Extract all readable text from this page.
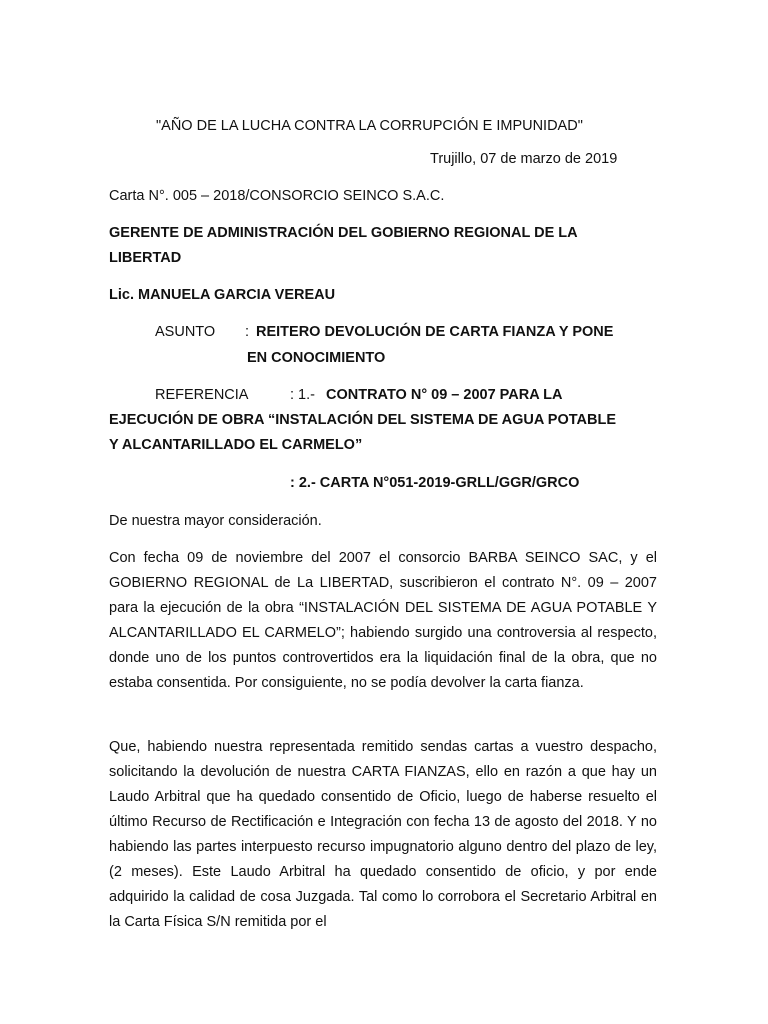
"AÑO DE LA LUCHA CONTRA LA CORRUPCIÓN E IMPUNIDAD"
Trujillo, 07 de marzo de 2019
Carta N°. 005 – 2018/CONSORCIO SEINCO S.A.C.
GERENTE DE ADMINISTRACIÓN DEL GOBIERNO REGIONAL DE LA
LIBERTAD
Lic. MANUELA GARCIA VEREAU
ASUNTO : REITERO DEVOLUCIÓN DE CARTA FIANZA Y PONE
EN CONOCIMIENTO
REFERENCIA	: 1.- CONTRATO N° 09 – 2007 PARA LA
EJECUCIÓN DE OBRA “INSTALACIÓN DEL SISTEMA DE AGUA POTABLE
Y ALCANTARILLADO EL CARMELO”
: 2.- CARTA N°051-2019-GRLL/GGR/GRCO
De nuestra mayor consideración.
Con fecha 09 de noviembre del 2007 el consorcio BARBA SEINCO SAC, y el GOBIERNO REGIONAL de La LIBERTAD, suscribieron el contrato N°. 09 – 2007 para la ejecución de la obra “INSTALACIÓN DEL SISTEMA DE AGUA POTABLE Y ALCANTARILLADO EL CARMELO”; habiendo surgido una controversia al respecto, donde uno de los puntos controvertidos era la liquidación final de la obra, que no estaba consentida. Por consiguiente, no se podía devolver la carta fianza.
Que, habiendo nuestra representada remitido sendas cartas a vuestro despacho, solicitando la devolución de nuestra CARTA FIANZAS, ello en razón a que hay un Laudo Arbitral que ha quedado consentido de Oficio, luego de haberse resuelto el último Recurso de Rectificación e Integración con fecha 13 de agosto del 2018. Y no habiendo las partes interpuesto recurso impugnatorio alguno dentro del plazo de ley, (2 meses). Este Laudo Arbitral ha quedado consentido de oficio, y por ende adquirido la calidad de cosa Juzgada. Tal como lo corrobora el Secretario Arbitral en la Carta Física S/N remitida por el
